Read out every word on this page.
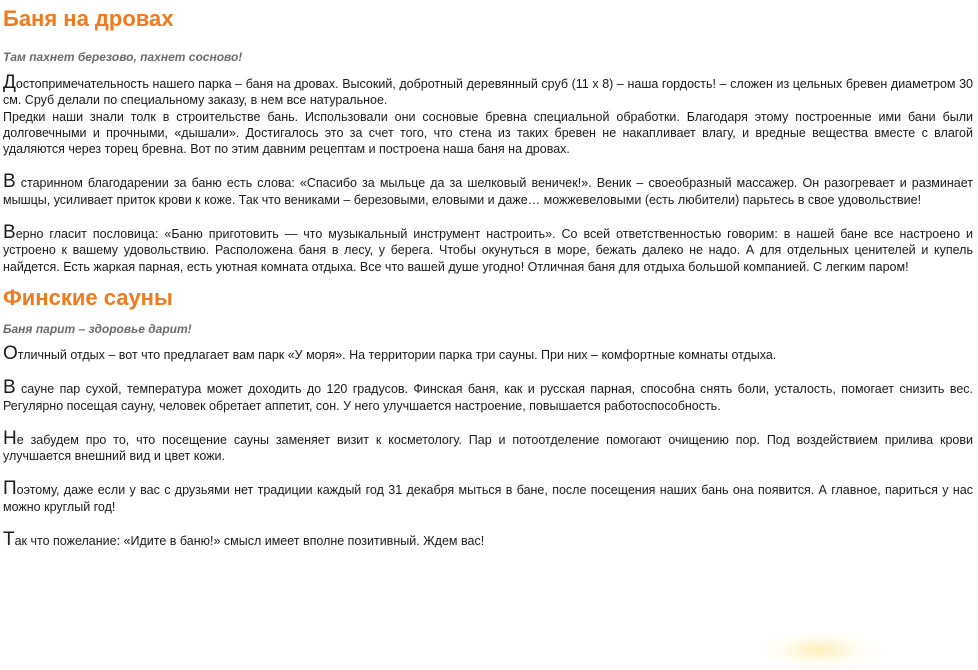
Баня на дровах

Там пахнет березово, пахнет сосново!

Достопримечательность нашего парка – баня на дровах. Высокий, добротный деревянный сруб (11 х 8) – наша гордость! – сложен из цельных бревен диаметром 30 см. Сруб делали по специальному заказу, в нем все натуральное.

Предки наши знали толк в строительстве бань. Использовали они сосновые бревна специальной обработки. Благодаря этому построенные ими бани были долговечными и прочными, «дышали». Достигалось это за счет того, что стена из таких бревен не накапливает влагу, и вредные вещества вместе с влагой удаляются через торец бревна. Вот по этим давним рецептам и построена наша баня на дровах.

В старинном благодарении за баню есть слова: «Спасибо за мыльце да за шелковый веничек!». Веник – своеобразный массажер. Он разогревает и разминает мышцы, усиливает приток крови к коже. Так что вениками – березовыми, еловыми и даже… можжевеловыми (есть любители) парьтесь в свое удовольствие!

Верно гласит пословица: «Баню приготовить — что музыкальный инструмент настроить». Со всей ответственностью говорим: в нашей бане все настроено и устроено к вашему удовольствию. Расположена баня в лесу, у берега. Чтобы окунуться в море, бежать далеко не надо. А для отдельных ценителей и купель найдется. Есть жаркая парная, есть уютная комната отдыха. Все что вашей душе угодно! Отличная баня для отдыха большой компанией. С легким паром!

Финские сауны

Баня парит – здоровье дарит!

Отличный отдых – вот что предлагает вам парк «У моря». На территории парка три сауны. При них – комфортные комнаты отдыха.

В сауне пар сухой, температура может доходить до 120 градусов. Финская баня, как и русская парная, способна снять боли, усталость, помогает снизить вес. Регулярно посещая сауну, человек обретает аппетит, сон. У него улучшается настроение, повышается работоспособность.

Не забудем про то, что посещение сауны заменяет визит к косметологу. Пар и потоотделение помогают очищению пор. Под воздействием прилива крови улучшается внешний вид и цвет кожи.

Поэтому, даже если у вас с друзьями нет традиции каждый год 31 декабря мыться в бане, после посещения наших бань она появится. А главное, париться у нас можно круглый год!

Так что пожелание: «Идите в баню!» смысл имеет вполне позитивный. Ждем вас!
